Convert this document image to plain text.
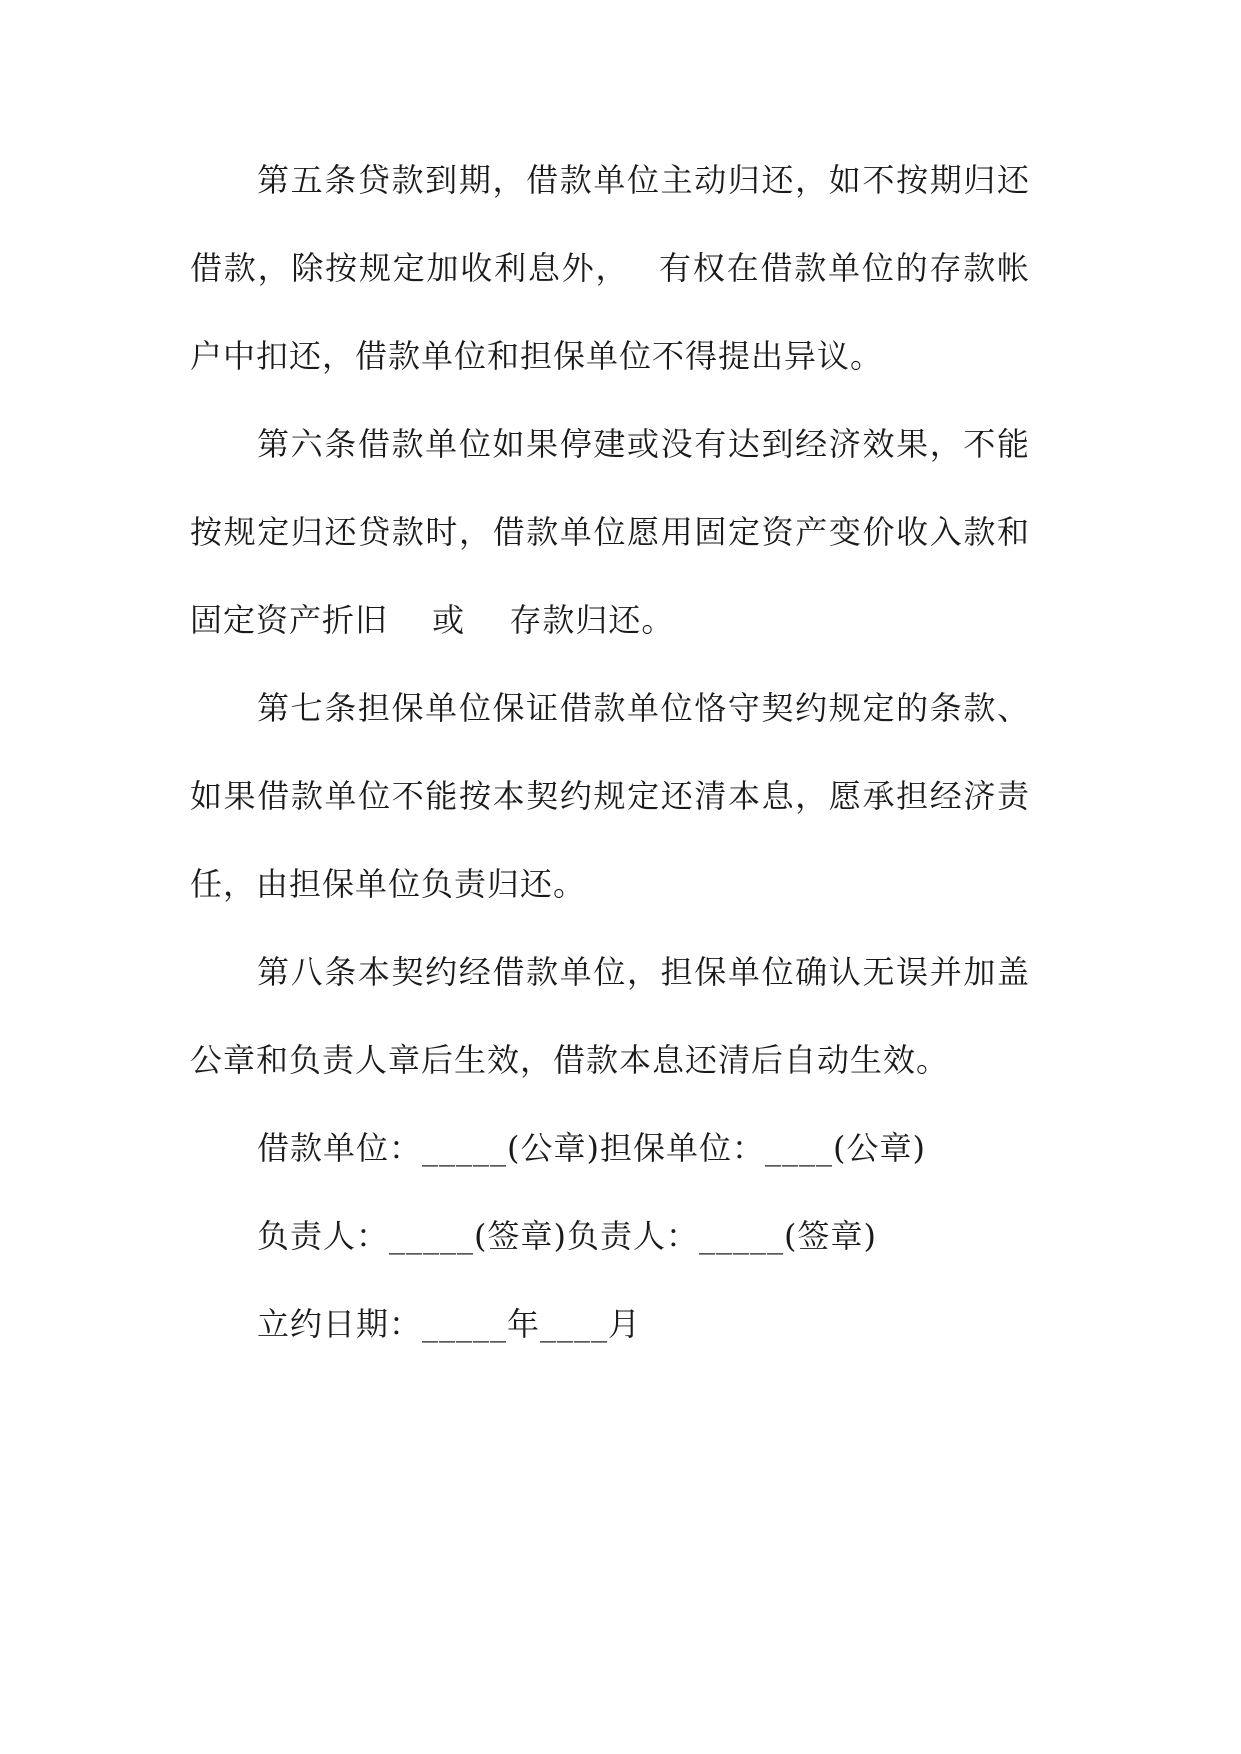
第五条贷款到期，借款单位主动归还，如不按期归还
借款，除按规定加收利息外，　 有权在借款单位的存款帐
户中扣还，借款单位和担保单位不得提出异议。
第六条借款单位如果停建或没有达到经济效果，不能
按规定归还贷款时，借款单位愿用固定资产变价收入款和
固定资产折旧　 或　 存款归还。
第七条担保单位保证借款单位恪守契约规定的条款、
如果借款单位不能按本契约规定还清本息，愿承担经济责
任，由担保单位负责归还。
第八条本契约经借款单位，担保单位确认无误并加盖
公章和负责人章后生效，借款本息还清后自动生效。
借款单位：_____(公章)担保单位：____(公章)
负责人：_____(签章)负责人：_____(签章)
立约日期：_____年____月
